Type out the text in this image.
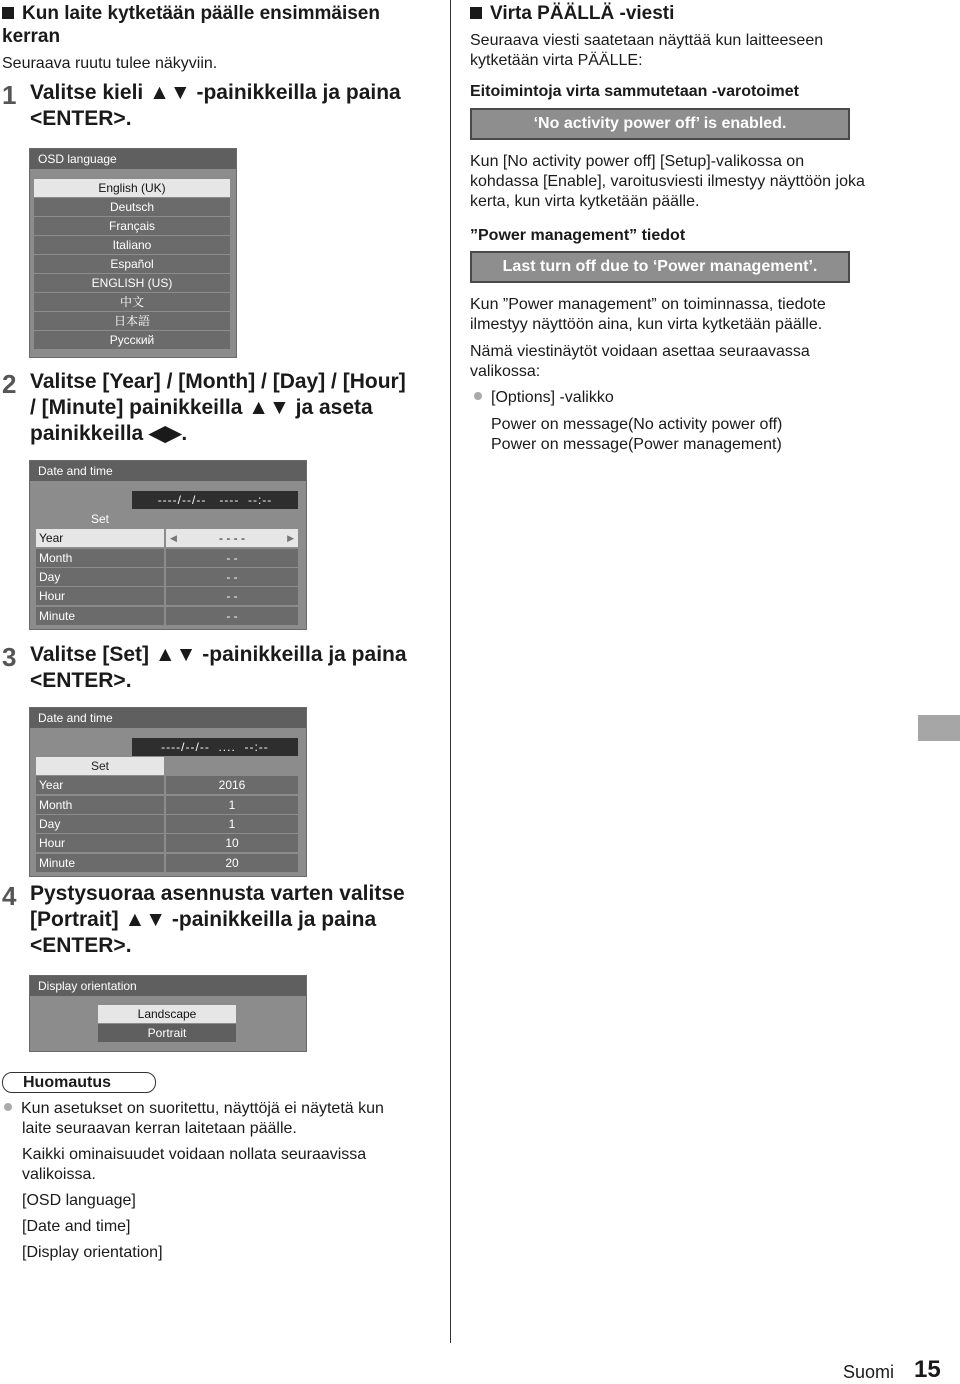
Kun laite kytketään päälle ensimmäisen kerran
Seuraava ruutu tulee näkyviin.
1 Valitse kieli ▲▼ -painikkeilla ja paina
<ENTER>.
OSD language
English (UK)
Deutsch
Français
Italiano
Español
ENGLISH (US)
中文
日本語
Русский
2 Valitse [Year] / [Month] / [Day] / [Hour]
/ [Minute] painikkeilla ▲▼ ja aseta
painikkeilla ◀▶.
Date and time
----/--/--   ----  --:--
Set
Year	◀	- - - -	▶
Month	- -
Day	- -
Hour	- -
Minute	- -
3 Valitse [Set] ▲▼ -painikkeilla ja paina
<ENTER>.
Date and time
----/--/--  ....  --:--
Set
Year	2016
Month	1
Day	1
Hour	10
Minute	20
4 Pystysuoraa asennusta varten valitse
[Portrait] ▲▼ -painikkeilla ja paina
<ENTER>.
Display orientation
Landscape
Portrait
Huomautus
Kun asetukset on suoritettu, näyttöjä ei näytetä kun
laite seuraavan kerran laitetaan päälle.
Kaikki ominaisuudet voidaan nollata seuraavissa
valikoissa.
[OSD language]
[Date and time]
[Display orientation]
Virta PÄÄLLÄ -viesti
Seuraava viesti saatetaan näyttää kun laitteeseen
kytketään virta PÄÄLLE:
Eitoimintoja virta sammutetaan -varotoimet
‘No activity power off’ is enabled.
Kun [No activity power off] [Setup]-valikossa on
kohdassa [Enable], varoitusviesti ilmestyy näyttöön joka
kerta, kun virta kytketään päälle.
”Power management” tiedot
Last turn off due to ‘Power management’.
Kun ”Power management” on toiminnassa, tiedote
ilmestyy näyttöön aina, kun virta kytketään päälle.
Nämä viestinäytöt voidaan asettaa seuraavassa
valikossa:
[Options] -valikko
Power on message(No activity power off)
Power on message(Power management)
Suomi 15
